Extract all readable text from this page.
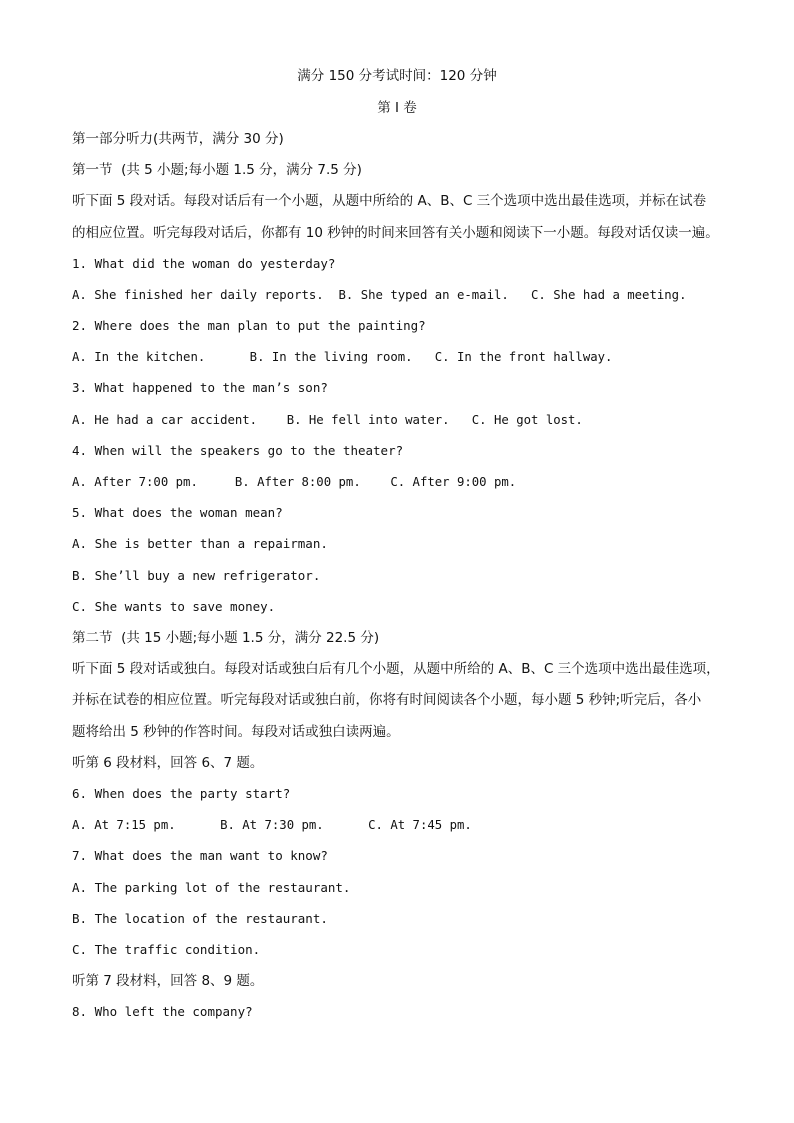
满分 150 分考试时间：120 分钟
第 I 卷
第一部分听力(共两节，满分 30 分)
第一节  (共 5 小题;每小题 1.5 分，满分 7.5 分)
听下面 5 段对话。每段对话后有一个小题，从题中所给的 A、B、C 三个选项中选出最佳选项，并标在试卷
的相应位置。听完每段对话后，你都有 10 秒钟的时间来回答有关小题和阅读下一小题。每段对话仅读一遍。
1. What did the woman do yesterday?
A. She finished her daily reports.  B. She typed an e-mail.   C. She had a meeting.
2. Where does the man plan to put the painting?
A. In the kitchen.      B. In the living room.   C. In the front hallway.
3. What happened to the man’s son?
A. He had a car accident.    B. He fell into water.   C. He got lost.
4. When will the speakers go to the theater?
A. After 7:00 pm.     B. After 8:00 pm.    C. After 9:00 pm.
5. What does the woman mean?
A. She is better than a repairman.
B. She’ll buy a new refrigerator.
C. She wants to save money.
第二节  (共 15 小题;每小题 1.5 分，满分 22.5 分)
听下面 5 段对话或独白。每段对话或独白后有几个小题，从题中所给的 A、B、C 三个选项中选出最佳选项，
并标在试卷的相应位置。听完每段对话或独白前，你将有时间阅读各个小题，每小题 5 秒钟;听完后，各小
题将给出 5 秒钟的作答时间。每段对话或独白读两遍。
听第 6 段材料，回答 6、7 题。
6. When does the party start?
A. At 7:15 pm.      B. At 7:30 pm.      C. At 7:45 pm.
7. What does the man want to know?
A. The parking lot of the restaurant.
B. The location of the restaurant.
C. The traffic condition.
听第 7 段材料，回答 8、9 题。
8. Who left the company?
